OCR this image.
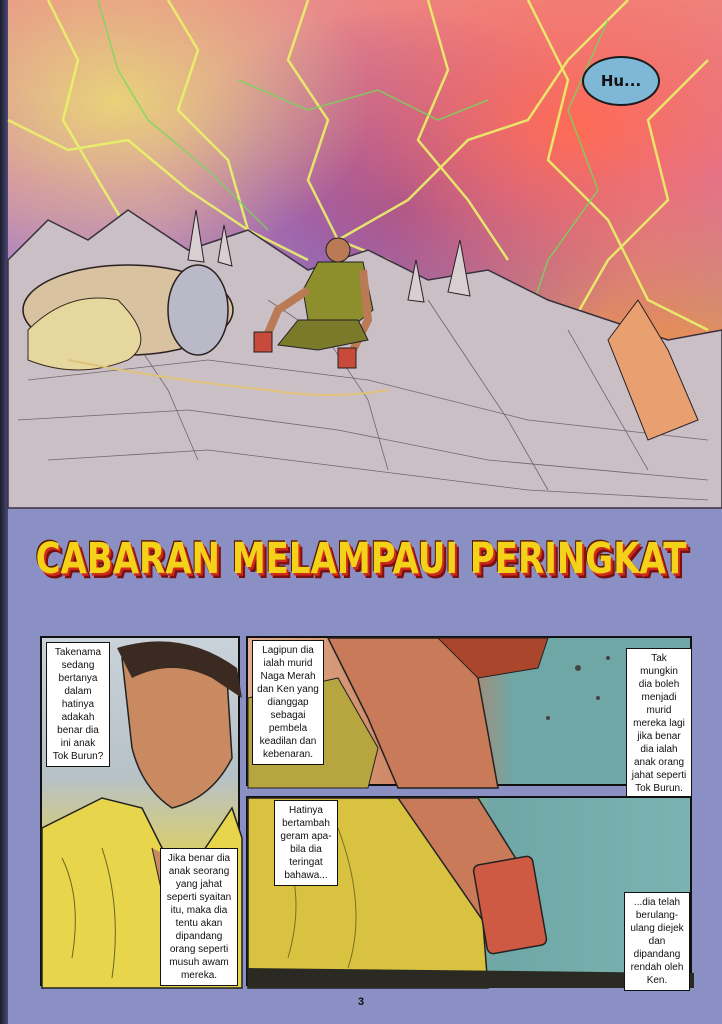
Hu...
CABARAN MELAMPAUI PERINGKAT
Takenama
sedang
bertanya
dalam
hatinya
adakah
benar dia
ini anak
Tok Burun?
Jika benar dia
anak seorang
yang jahat
seperti syaitan
itu, maka dia
tentu akan
dipandang
orang seperti
musuh awam
mereka.
Lagipun dia
ialah murid
Naga Merah
dan Ken yang
dianggap
sebagai
pembela
keadilan dan
kebenaran.
Tak mungkin
dia boleh
menjadi
murid
mereka lagi
jika benar
dia ialah
anak orang
jahat seperti
Tok Burun.
Hatinya
bertambah
geram apa-
bila dia
teringat
bahawa...
...dia telah
berulang-
ulang diejek
dan
dipandang
rendah oleh
Ken.
3
